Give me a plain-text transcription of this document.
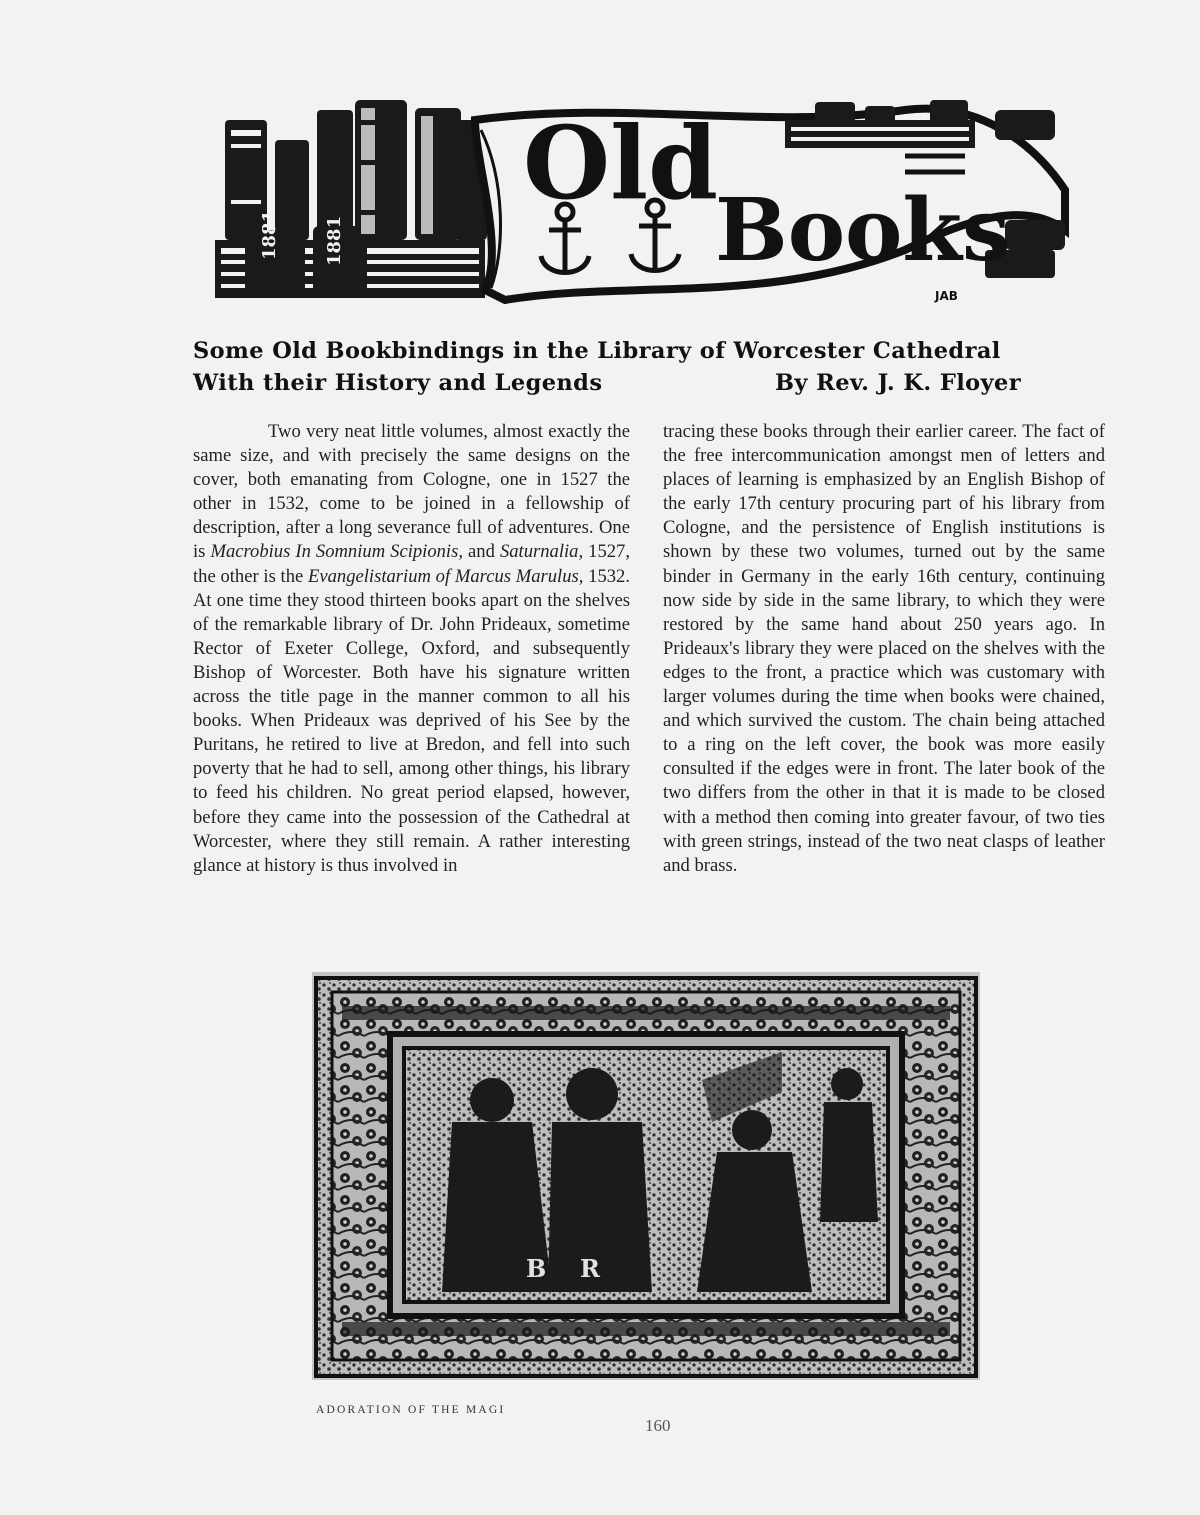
1881 1881
Old
Books
JAB
Some Old Bookbindings in the Library of Worcester Cathedral
With their History and Legends	By Rev. J. K. Floyer

Two very neat little volumes, almost exactly the same size, and with precisely the same designs on the cover, both emanating from Cologne, one in 1527 the other in 1532, come to be joined in a fellowship of description, after a long severance full of adventures. One is Macrobius In Somnium Scipionis, and Saturnalia, 1527, the other is the Evangelistarium of Marcus Marulus, 1532. At one time they stood thirteen books apart on the shelves of the remarkable library of Dr. John Prideaux, sometime Rector of Exeter College, Oxford, and subsequently Bishop of Worcester. Both have his signature written across the title page in the manner common to all his books. When Prideaux was deprived of his See by the Puritans, he retired to live at Bredon, and fell into such poverty that he had to sell, among other things, his library to feed his children. No great period elapsed, however, before they came into the possession of the Cathedral at Worcester, where they still remain. A rather interesting glance at history is thus involved in

tracing these books through their earlier career. The fact of the free intercommunication amongst men of letters and places of learning is emphasized by an English Bishop of the early 17th century procuring part of his library from Cologne, and the persistence of English institutions is shown by these two volumes, turned out by the same binder in Germany in the early 16th century, continuing now side by side in the same library, to which they were restored by the same hand about 250 years ago. In Prideaux's library they were placed on the shelves with the edges to the front, a practice which was customary with larger volumes during the time when books were chained, and which survived the custom. The chain being attached to a ring on the left cover, the book was more easily consulted if the edges were in front. The later book of the two differs from the other in that it is made to be closed with a method then coming into greater favour, of two ties with green strings, instead of the two neat clasps of leather and brass.

B R

ADORATION OF THE MAGI

160
